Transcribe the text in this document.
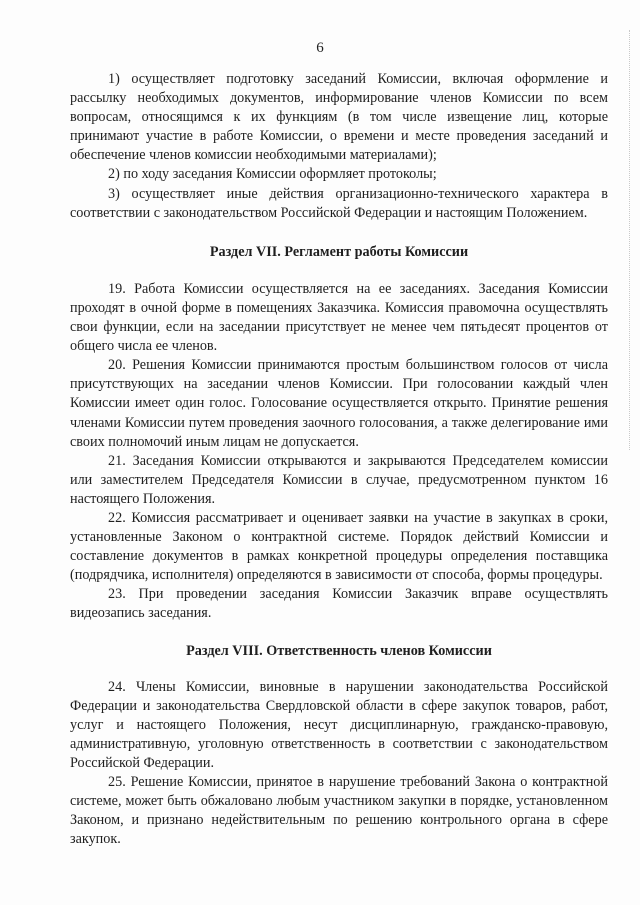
6

1) осуществляет подготовку заседаний Комиссии, включая оформление и рассылку необходимых документов, информирование членов Комиссии по всем вопросам, относящимся к их функциям (в том числе извещение лиц, которые принимают участие в работе Комиссии, о времени и месте проведения заседаний и обеспечение членов комиссии необходимыми материалами);

2) по ходу заседания Комиссии оформляет протоколы;

3) осуществляет иные действия организационно-технического характера в соответствии с законодательством Российской Федерации и настоящим Положением.

Раздел VII. Регламент работы Комиссии

19. Работа Комиссии осуществляется на ее заседаниях. Заседания Комиссии проходят в очной форме в помещениях Заказчика. Комиссия правомочна осуществлять свои функции, если на заседании присутствует не менее чем пятьдесят процентов от общего числа ее членов.

20. Решения Комиссии принимаются простым большинством голосов от числа присутствующих на заседании членов Комиссии. При голосовании каждый член Комиссии имеет один голос. Голосование осуществляется открыто. Принятие решения членами Комиссии путем проведения заочного голосования, а также делегирование ими своих полномочий иным лицам не допускается.

21. Заседания Комиссии открываются и закрываются Председателем комиссии или заместителем Председателя Комиссии в случае, предусмотренном пунктом 16 настоящего Положения.

22. Комиссия рассматривает и оценивает заявки на участие в закупках в сроки, установленные Законом о контрактной системе. Порядок действий Комиссии и составление документов в рамках конкретной процедуры определения поставщика (подрядчика, исполнителя) определяются в зависимости от способа, формы процедуры.

23. При проведении заседания Комиссии Заказчик вправе осуществлять видеозапись заседания.

Раздел VIII. Ответственность членов Комиссии

24. Члены Комиссии, виновные в нарушении законодательства Российской Федерации и законодательства Свердловской области в сфере закупок товаров, работ, услуг и настоящего Положения, несут дисциплинарную, гражданско-правовую, административную, уголовную ответственность в соответствии с законодательством Российской Федерации.

25. Решение Комиссии, принятое в нарушение требований Закона о контрактной системе, может быть обжаловано любым участником закупки в порядке, установленном Законом, и признано недействительным по решению контрольного органа в сфере закупок.
